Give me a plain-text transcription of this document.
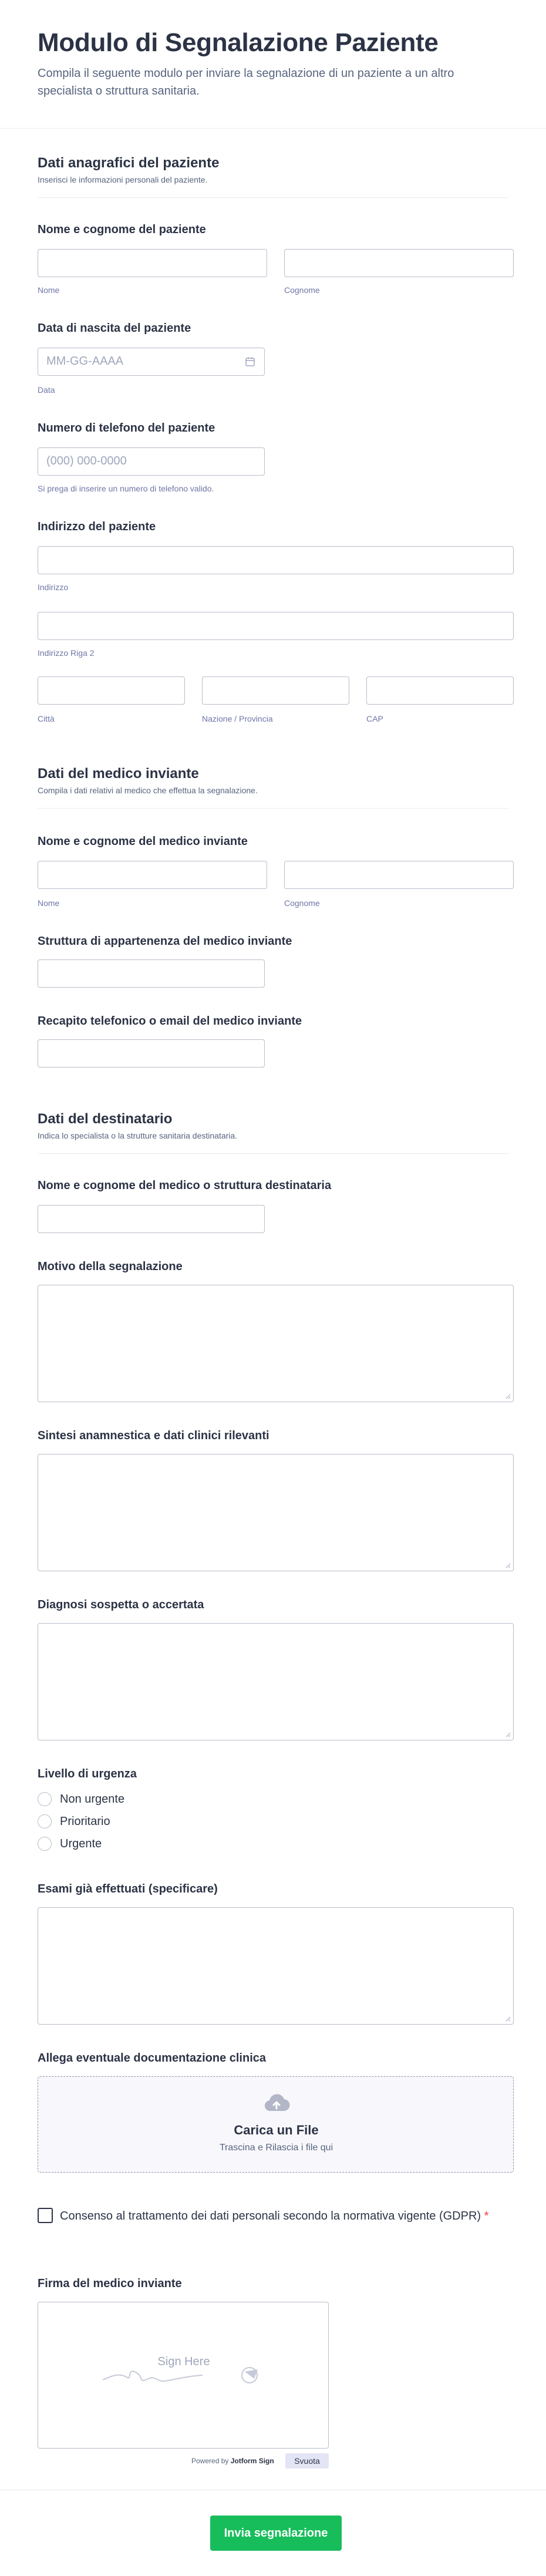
Modulo di Segnalazione Paziente
Compila il seguente modulo per inviare la segnalazione di un paziente a un altro specialista o struttura sanitaria.
Dati anagrafici del paziente
Inserisci le informazioni personali del paziente.
Nome e cognome del paziente
Nome	Cognome
Data di nascita del paziente
MM-GG-AAAA
Data
Numero di telefono del paziente
(000) 000-0000
Si prega di inserire un numero di telefono valido.
Indirizzo del paziente
Indirizzo
Indirizzo Riga 2
Città	Nazione / Provincia	CAP
Dati del medico inviante
Compila i dati relativi al medico che effettua la segnalazione.
Nome e cognome del medico inviante
Nome	Cognome
Struttura di appartenenza del medico inviante
Recapito telefonico o email del medico inviante
Dati del destinatario
Indica lo specialista o la strutture sanitaria destinataria.
Nome e cognome del medico o struttura destinataria
Motivo della segnalazione
Sintesi anamnestica e dati clinici rilevanti
Diagnosi sospetta o accertata
Livello di urgenza
Non urgente
Prioritario
Urgente
Esami già effettuati (specificare)
Allega eventuale documentazione clinica
Carica un File
Trascina e Rilascia i file qui
Consenso al trattamento dei dati personali secondo la normativa vigente (GDPR) *
Firma del medico inviante
Sign Here
Powered by Jotform Sign	Svuota
Invia segnalazione
